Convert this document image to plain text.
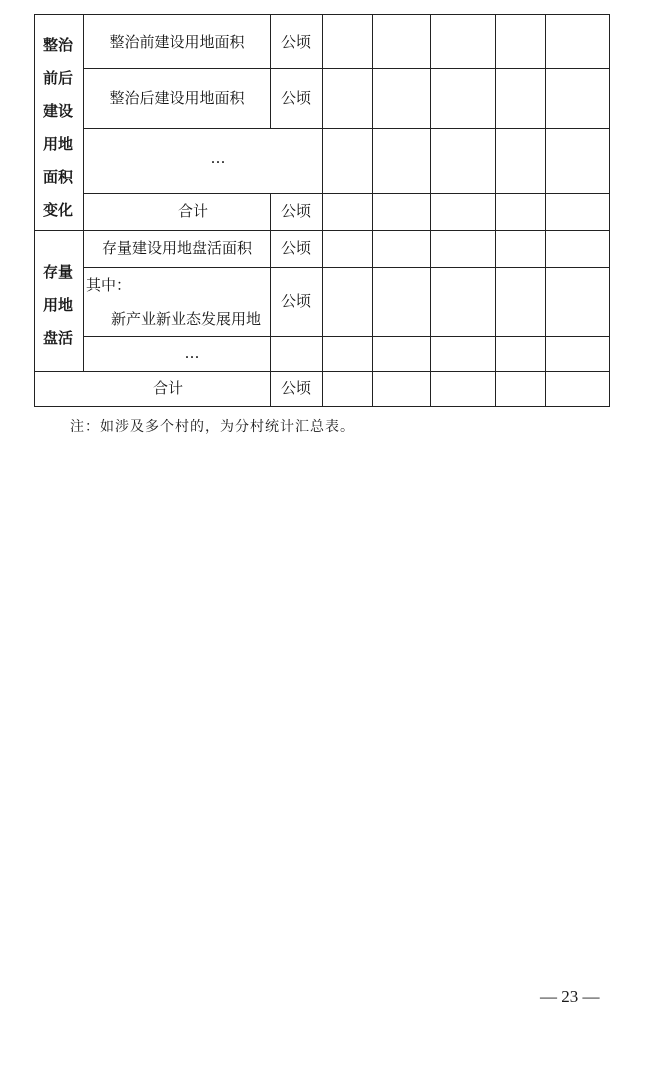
整治
前后
建设
用地
面积
变化
整治前建设用地面积 公顷
整治后建设用地面积 公顷
…
合计	公顷
存量
用地
盘活
存量建设用地盘活面积 公顷
其中：
新产业新业态发展用地
公顷
…
合计	公顷
注：如涉及多个村的，为分村统计汇总表。
— 23 —
